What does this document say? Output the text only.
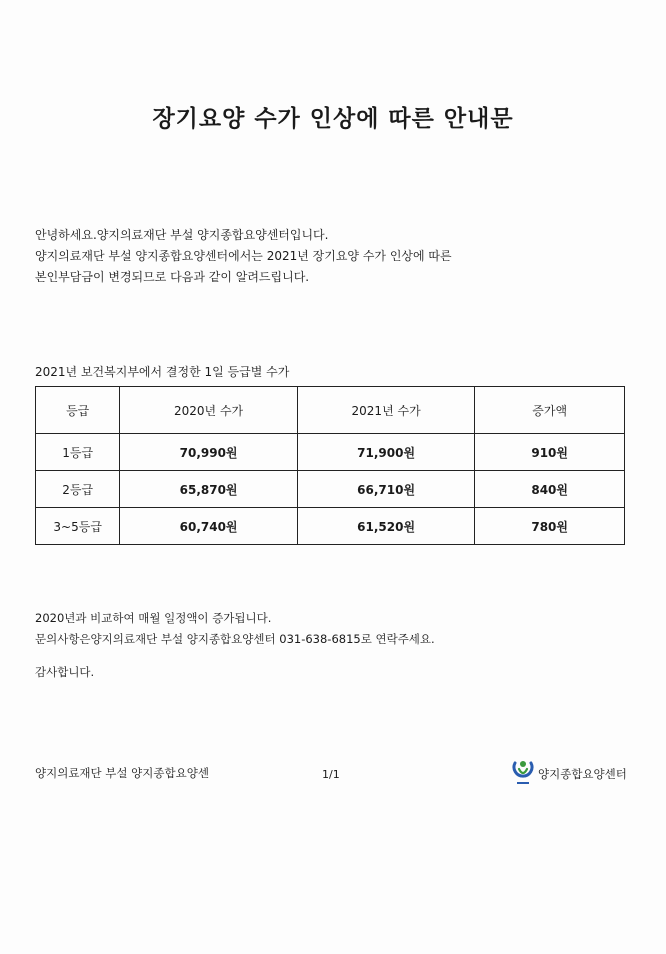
장기요양 수가 인상에 따른 안내문
안녕하세요.양지의료재단 부설 양지종합요양센터입니다.
양지의료재단 부설 양지종합요양센터에서는 2021년 장기요양 수가 인상에 따른
본인부담금이 변경되므로 다음과 같이 알려드립니다.
2021년 보건복지부에서 결정한 1일 등급별 수가
등급	2020년 수가	2021년 수가	증가액
1등급	70,990원	71,900원	910원
2등급	65,870원	66,710원	840원
3~5등급	60,740원	61,520원	780원
2020년과 비교하여 매월 일정액이 증가됩니다.
문의사항은양지의료재단 부설 양지종합요양센터 031-638-6815로 연락주세요.
감사합니다.
양지의료재단 부설 양지종합요양센	1/1	양지종합요양센터
